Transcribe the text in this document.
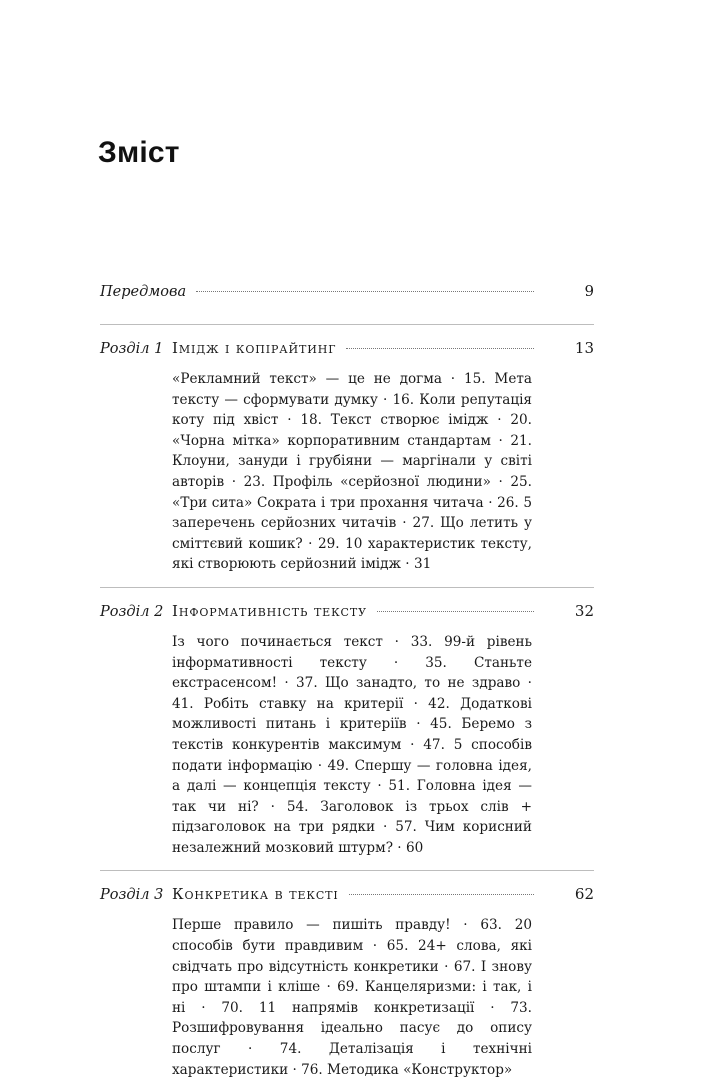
Зміст
Передмова	9
Розділ 1 Імідж і копірайтинг	13
«Рекламний текст» — це не догма · 15. Мета тексту — сформувати думку · 16. Коли репутація коту під хвіст · 18. Текст створює імідж · 20. «Чорна мітка» корпоративним стандартам · 21. Клоуни, зануди і грубіяни — маргінали у світі авторів · 23. Профіль «серйозної людини» · 25. «Три сита» Сократа і три прохання читача · 26. 5 заперечень серйозних читачів · 27. Що летить у сміттєвий кошик? · 29. 10 характеристик тексту, які створюють серйозний імідж · 31
Розділ 2 Інформативність тексту	32
Із чого починається текст · 33. 99-й рівень інформативності тексту · 35. Станьте екстрасенсом! · 37. Що занадто, то не здраво · 41. Робіть ставку на критерії · 42. Додаткові можливості питань і критеріїв · 45. Беремо з текстів конкурентів максимум · 47. 5 способів подати інформацію · 49. Спершу — головна ідея, а далі — концепція тексту · 51. Головна ідея — так чи ні? · 54. Заголовок із трьох слів + підзаголовок на три рядки · 57. Чим корисний незалежний мозковий штурм? · 60
Розділ 3 Конкретика в тексті	62
Перше правило — пишіть правду! · 63. 20 способів бути правдивим · 65. 24+ слова, які свідчать про відсутність конкретики · 67. І знову про штампи і кліше · 69. Канцеляризми: і так, і ні · 70. 11 напрямів конкретизації · 73. Розшифровування ідеально пасує до опису послуг · 74. Деталізація і технічні характеристики · 76. Методика «Конструктор»
